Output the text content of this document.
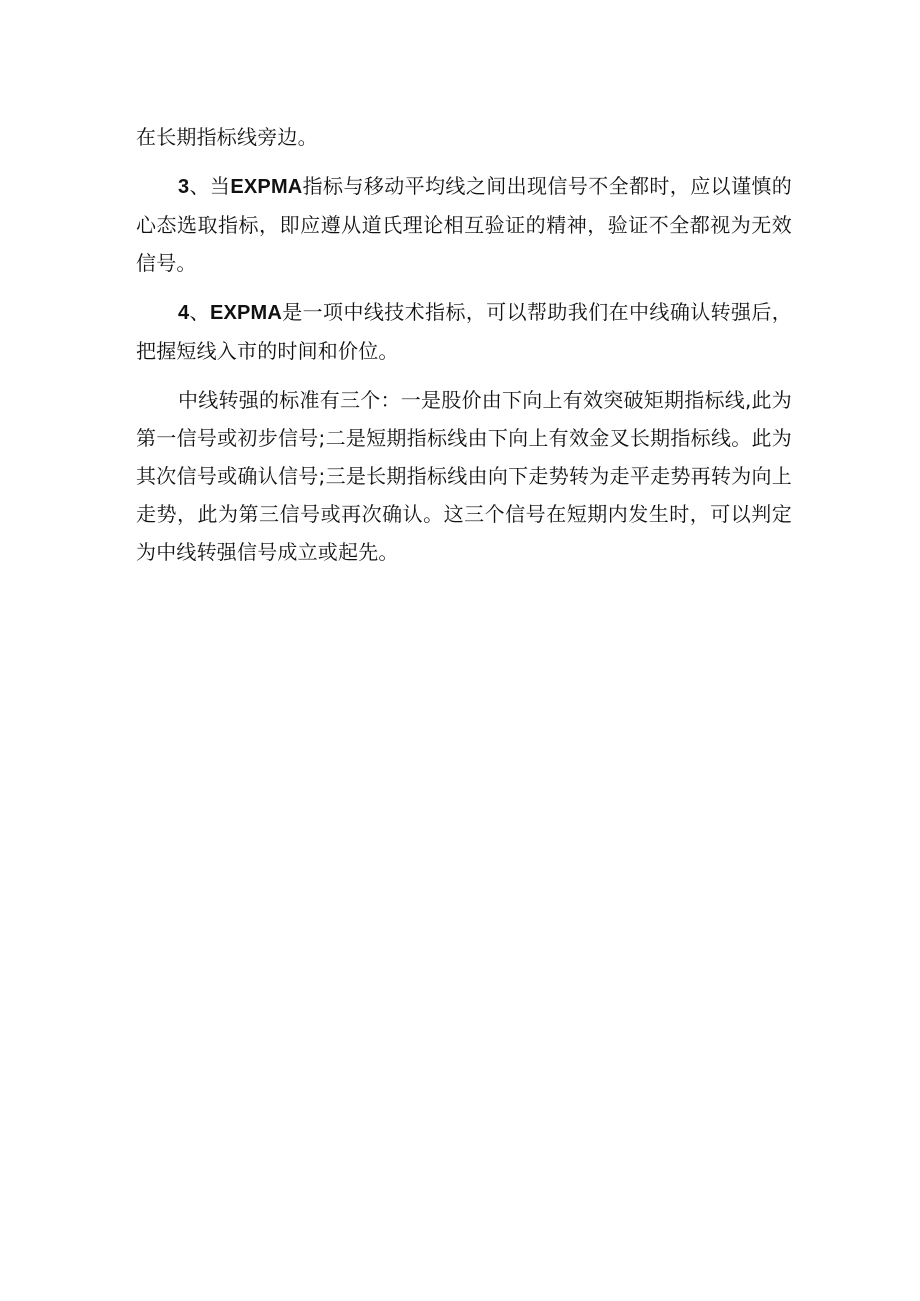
在长期指标线旁边。

3、当EXPMA指标与移动平均线之间出现信号不全都时，应以谨慎的心态选取指标，即应遵从道氏理论相互验证的精神，验证不全都视为无效信号。

4、EXPMA是一项中线技术指标，可以帮助我们在中线确认转强后，把握短线入市的时间和价位。

中线转强的标准有三个：一是股价由下向上有效突破矩期指标线,此为第一信号或初步信号;二是短期指标线由下向上有效金叉长期指标线。此为其次信号或确认信号;三是长期指标线由向下走势转为走平走势再转为向上走势，此为第三信号或再次确认。这三个信号在短期内发生时，可以判定为中线转强信号成立或起先。
